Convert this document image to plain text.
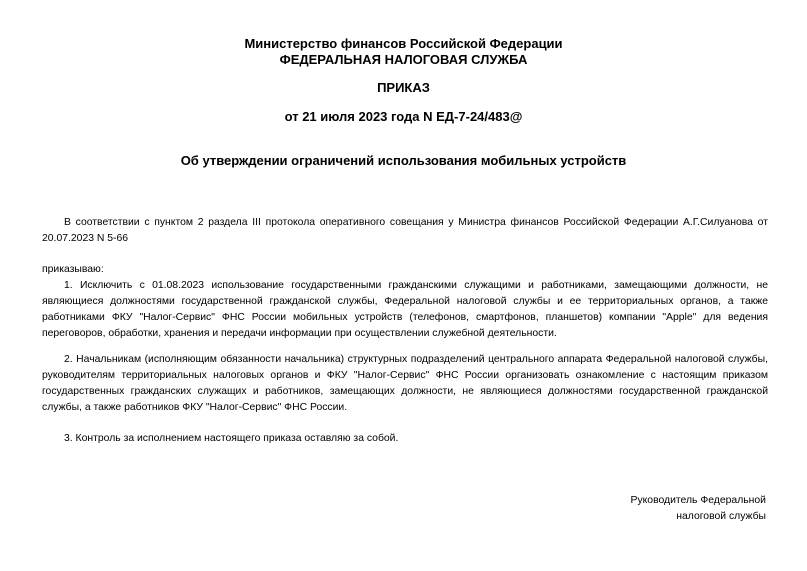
Министерство финансов Российской Федерации
ФЕДЕРАЛЬНАЯ НАЛОГОВАЯ СЛУЖБА
ПРИКАЗ
от 21 июля 2023 года N ЕД-7-24/483@
Об утверждении ограничений использования мобильных устройств
В соответствии с пунктом 2 раздела III протокола оперативного совещания у Министра финансов Российской Федерации А.Г.Силуанова от 20.07.2023 N 5-66
приказываю:
1. Исключить с 01.08.2023 использование государственными гражданскими служащими и работниками, замещающими должности, не являющиеся должностями государственной гражданской службы, Федеральной налоговой службы и ее территориальных органов, а также работниками ФКУ "Налог-Сервис" ФНС России мобильных устройств (телефонов, смартфонов, планшетов) компании "Apple" для ведения переговоров, обработки, хранения и передачи информации при осуществлении служебной деятельности.
2. Начальникам (исполняющим обязанности начальника) структурных подразделений центрального аппарата Федеральной налоговой службы, руководителям территориальных налоговых органов и ФКУ "Налог-Сервис" ФНС России организовать ознакомление с настоящим приказом государственных гражданских служащих и работников, замещающих должности, не являющиеся должностями государственной гражданской службы, а также работников ФКУ "Налог-Сервис" ФНС России.
3. Контроль за исполнением настоящего приказа оставляю за собой.
Руководитель Федеральной
налоговой службы
